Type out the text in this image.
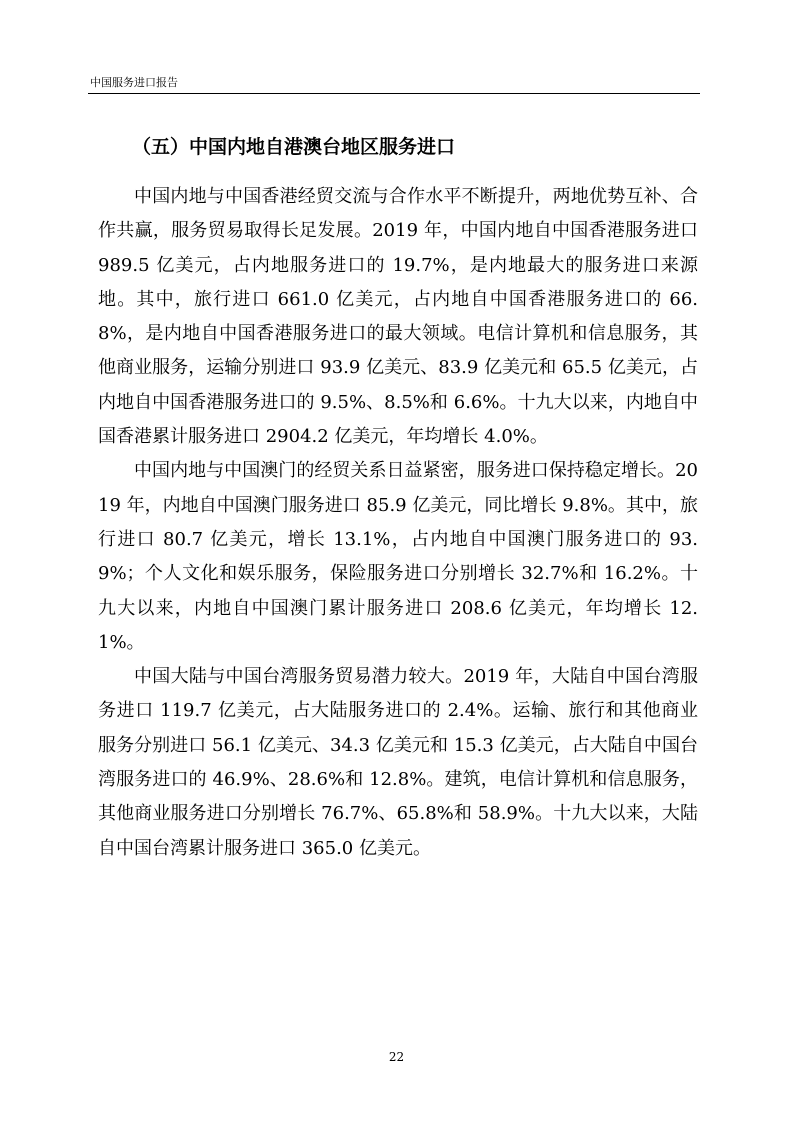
中国服务进口报告
（五）中国内地自港澳台地区服务进口

中国内地与中国香港经贸交流与合作水平不断提升，两地优势互补、合作共赢，服务贸易取得长足发展。2019 年，中国内地自中国香港服务进口 989.5 亿美元，占内地服务进口的 19.7%，是内地最大的服务进口来源地。其中，旅行进口 661.0 亿美元，占内地自中国香港服务进口的 66.8%，是内地自中国香港服务进口的最大领域。电信计算机和信息服务，其他商业服务，运输分别进口 93.9 亿美元、83.9 亿美元和 65.5 亿美元，占内地自中国香港服务进口的 9.5%、8.5%和 6.6%。十九大以来，内地自中国香港累计服务进口 2904.2 亿美元，年均增长 4.0%。

中国内地与中国澳门的经贸关系日益紧密，服务进口保持稳定增长。2019 年，内地自中国澳门服务进口 85.9 亿美元，同比增长 9.8%。其中，旅行进口 80.7 亿美元，增长 13.1%，占内地自中国澳门服务进口的 93.9%；个人文化和娱乐服务，保险服务进口分别增长 32.7%和 16.2%。十九大以来，内地自中国澳门累计服务进口 208.6 亿美元，年均增长 12.1%。

中国大陆与中国台湾服务贸易潜力较大。2019 年，大陆自中国台湾服务进口 119.7 亿美元，占大陆服务进口的 2.4%。运输、旅行和其他商业服务分别进口 56.1 亿美元、34.3 亿美元和 15.3 亿美元，占大陆自中国台湾服务进口的 46.9%、28.6%和 12.8%。建筑，电信计算机和信息服务，其他商业服务进口分别增长 76.7%、65.8%和 58.9%。十九大以来，大陆自中国台湾累计服务进口 365.0 亿美元。

22
